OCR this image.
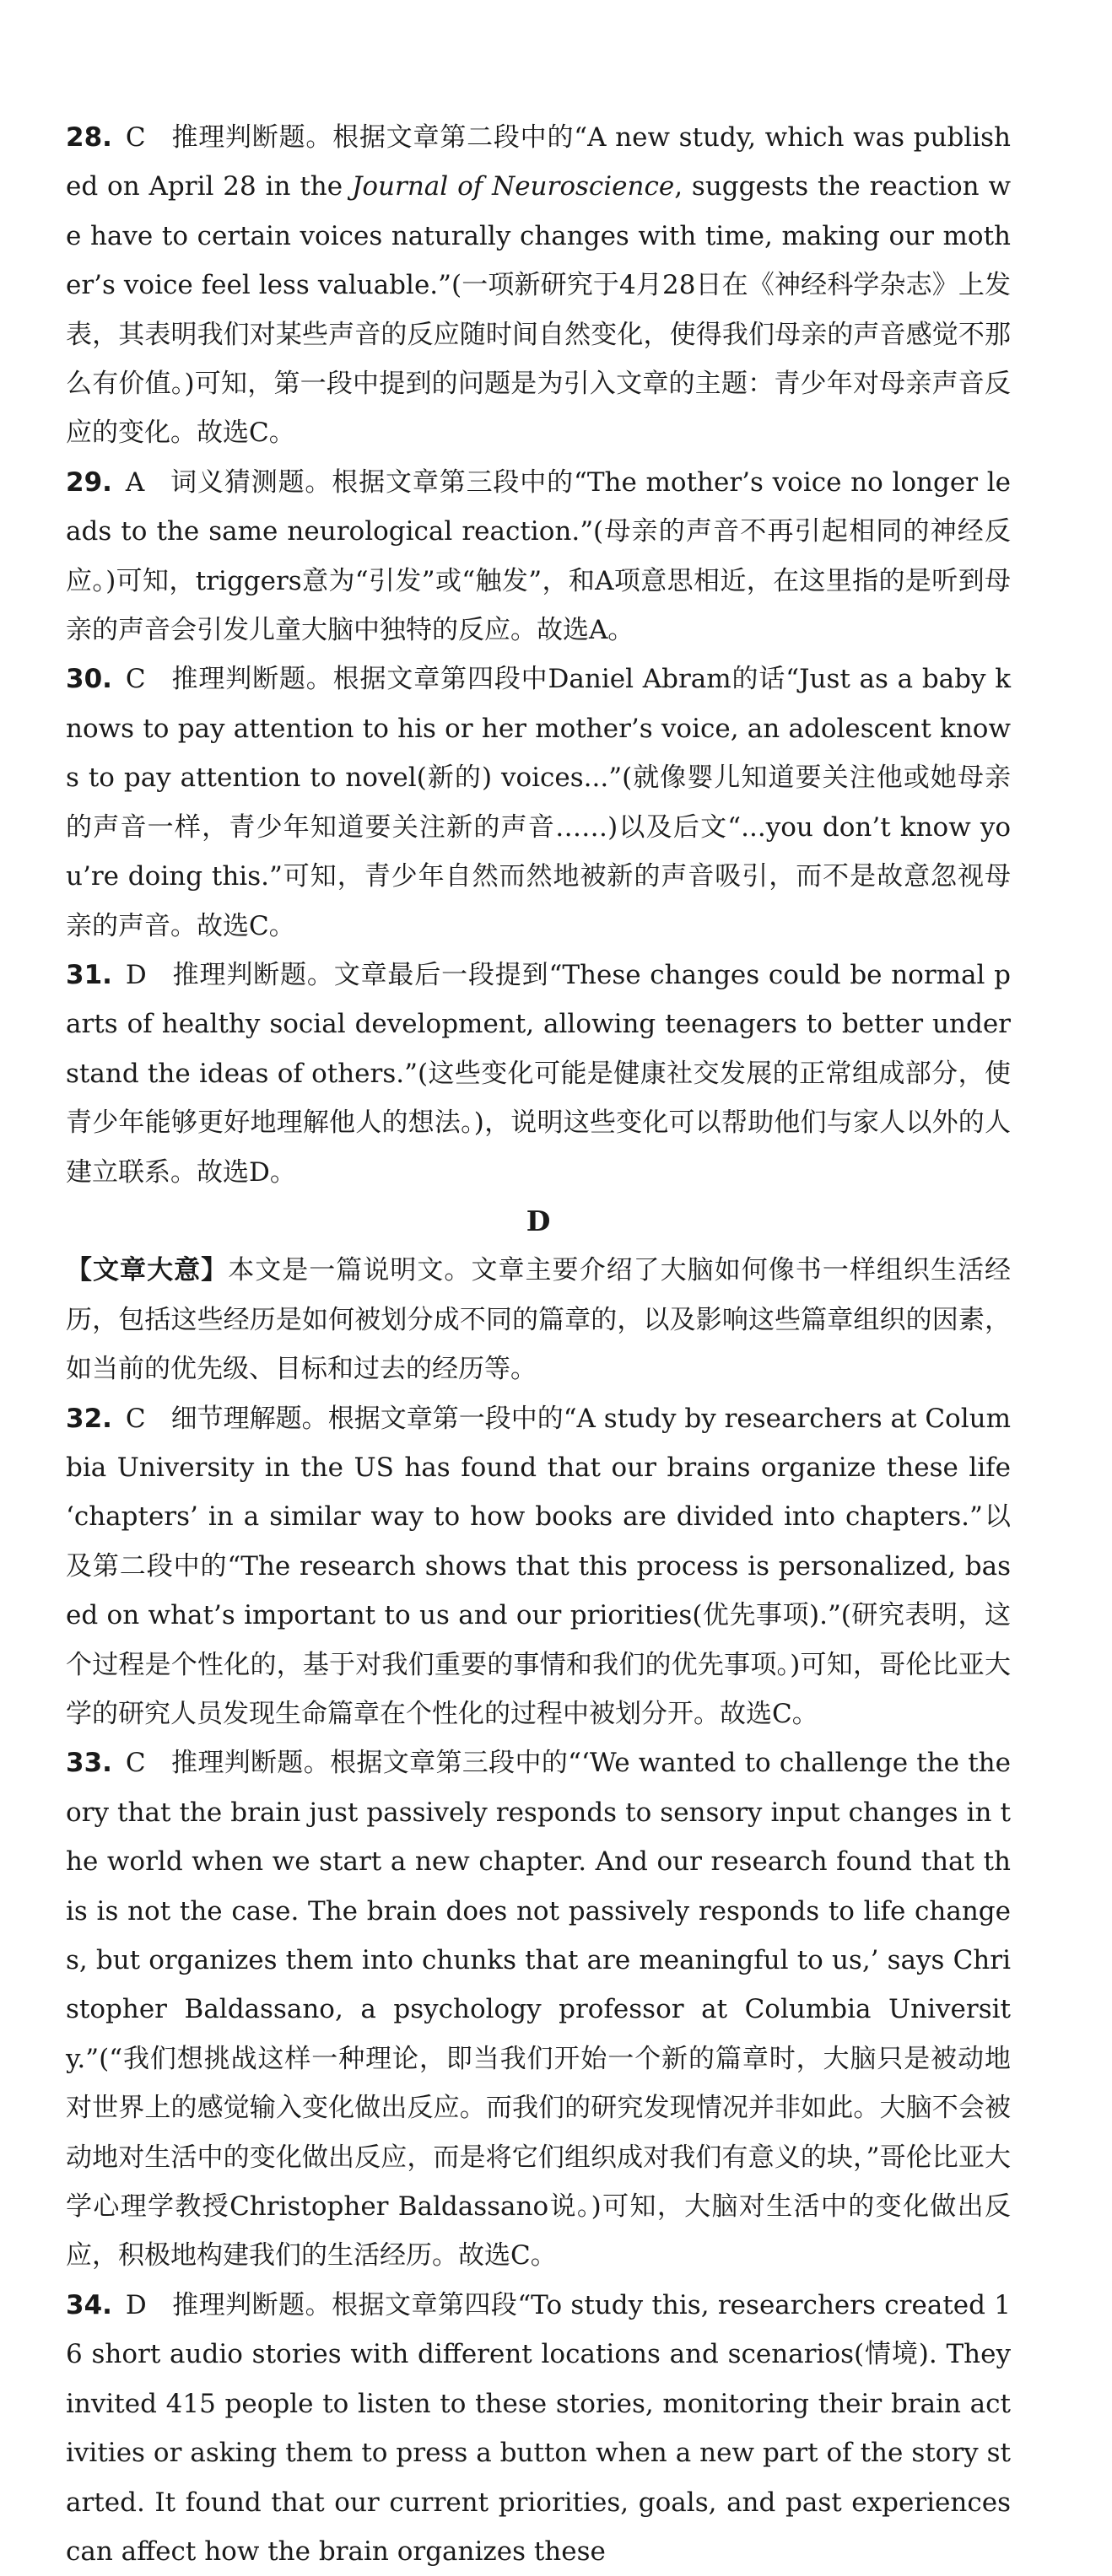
28. C 推理判断题。根据文章第二段中的“A new study, which was published on April 28 in the Journal of Neuroscience, suggests the reaction we have to certain voices naturally changes with time, making our mother’s voice feel less valuable.”(一项新研究于4月28日在《神经科学杂志》上发表，其表明我们对某些声音的反应随时间自然变化，使得我们母亲的声音感觉不那么有价值。)可知，第一段中提到的问题是为引入文章的主题：青少年对母亲声音反应的变化。故选C。

29. A 词义猜测题。根据文章第三段中的“The mother’s voice no longer leads to the same neurological reaction.”(母亲的声音不再引起相同的神经反应。)可知，triggers意为“引发”或“触发”，和A项意思相近，在这里指的是听到母亲的声音会引发儿童大脑中独特的反应。故选A。

30. C 推理判断题。根据文章第四段中Daniel Abram的话“Just as a baby knows to pay attention to his or her mother’s voice, an adolescent knows to pay attention to novel(新的) voices...”(就像婴儿知道要关注他或她母亲的声音一样，青少年知道要关注新的声音……)以及后文“...you don’t know you’re doing this.”可知，青少年自然而然地被新的声音吸引，而不是故意忽视母亲的声音。故选C。

31. D 推理判断题。文章最后一段提到“These changes could be normal parts of healthy social development, allowing teenagers to better understand the ideas of others.”(这些变化可能是健康社交发展的正常组成部分，使青少年能够更好地理解他人的想法。)，说明这些变化可以帮助他们与家人以外的人建立联系。故选D。

D

【文章大意】本文是一篇说明文。文章主要介绍了大脑如何像书一样组织生活经历，包括这些经历是如何被划分成不同的篇章的，以及影响这些篇章组织的因素，如当前的优先级、目标和过去的经历等。

32. C 细节理解题。根据文章第一段中的“A study by researchers at Columbia University in the US has found that our brains organize these life ‘chapters’ in a similar way to how books are divided into chapters.”以及第二段中的“The research shows that this process is personalized, based on what’s important to us and our priorities(优先事项).”(研究表明，这个过程是个性化的，基于对我们重要的事情和我们的优先事项。)可知，哥伦比亚大学的研究人员发现生命篇章在个性化的过程中被划分开。故选C。

33. C 推理判断题。根据文章第三段中的“‘We wanted to challenge the theory that the brain just passively responds to sensory input changes in the world when we start a new chapter. And our research found that this is not the case. The brain does not passively responds to life changes, but organizes them into chunks that are meaningful to us,’ says Christopher Baldassano, a psychology professor at Columbia University.”(“我们想挑战这样一种理论，即当我们开始一个新的篇章时，大脑只是被动地对世界上的感觉输入变化做出反应。而我们的研究发现情况并非如此。大脑不会被动地对生活中的变化做出反应，而是将它们组织成对我们有意义的块，”哥伦比亚大学心理学教授Christopher Baldassano说。)可知，大脑对生活中的变化做出反应，积极地构建我们的生活经历。故选C。

34. D 推理判断题。根据文章第四段“To study this, researchers created 16 short audio stories with different locations and scenarios(情境). They invited 415 people to listen to these stories, monitoring their brain activities or asking them to press a button when a new part of the story started. It found that our current priorities, goals, and past experiences can affect how the brain organizes these
